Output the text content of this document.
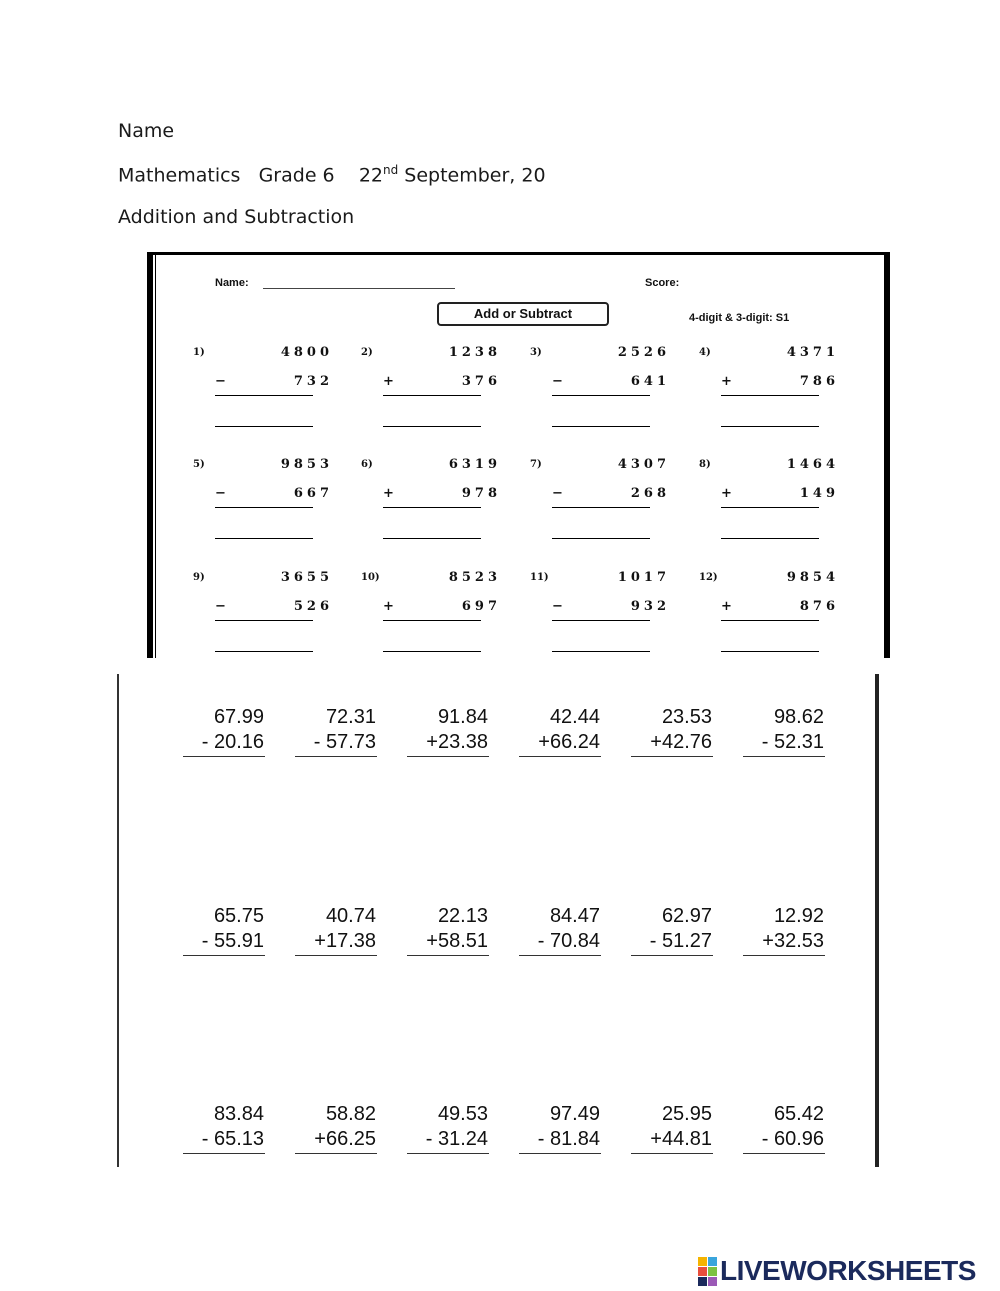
Name
Mathematics Grade 6 22nd September, 20
Addition and Subtraction
Name:	Score:
Add or Subtract	4-digit & 3-digit: S1
1)	4800
−	732
2)	1238
+	376
3)	2526
−	641
4)	4371
+	786
5)	9853
−	667
6)	6319
+	978
7)	4307
−	268
8)	1464
+	149
9)	3655
−	526
10)	8523
+	697
11)	1017
−	932
12)	9854
+	876
67.99
- 20.16
72.31
- 57.73
91.84
+23.38
42.44
+66.24
23.53
+42.76
98.62
- 52.31
65.75
- 55.91
40.74
+17.38
22.13
+58.51
84.47
- 70.84
62.97
- 51.27
12.92
+32.53
83.84
- 65.13
58.82
+66.25
49.53
- 31.24
97.49
- 81.84
25.95
+44.81
65.42
- 60.96
LIVEWORKSHEETS
